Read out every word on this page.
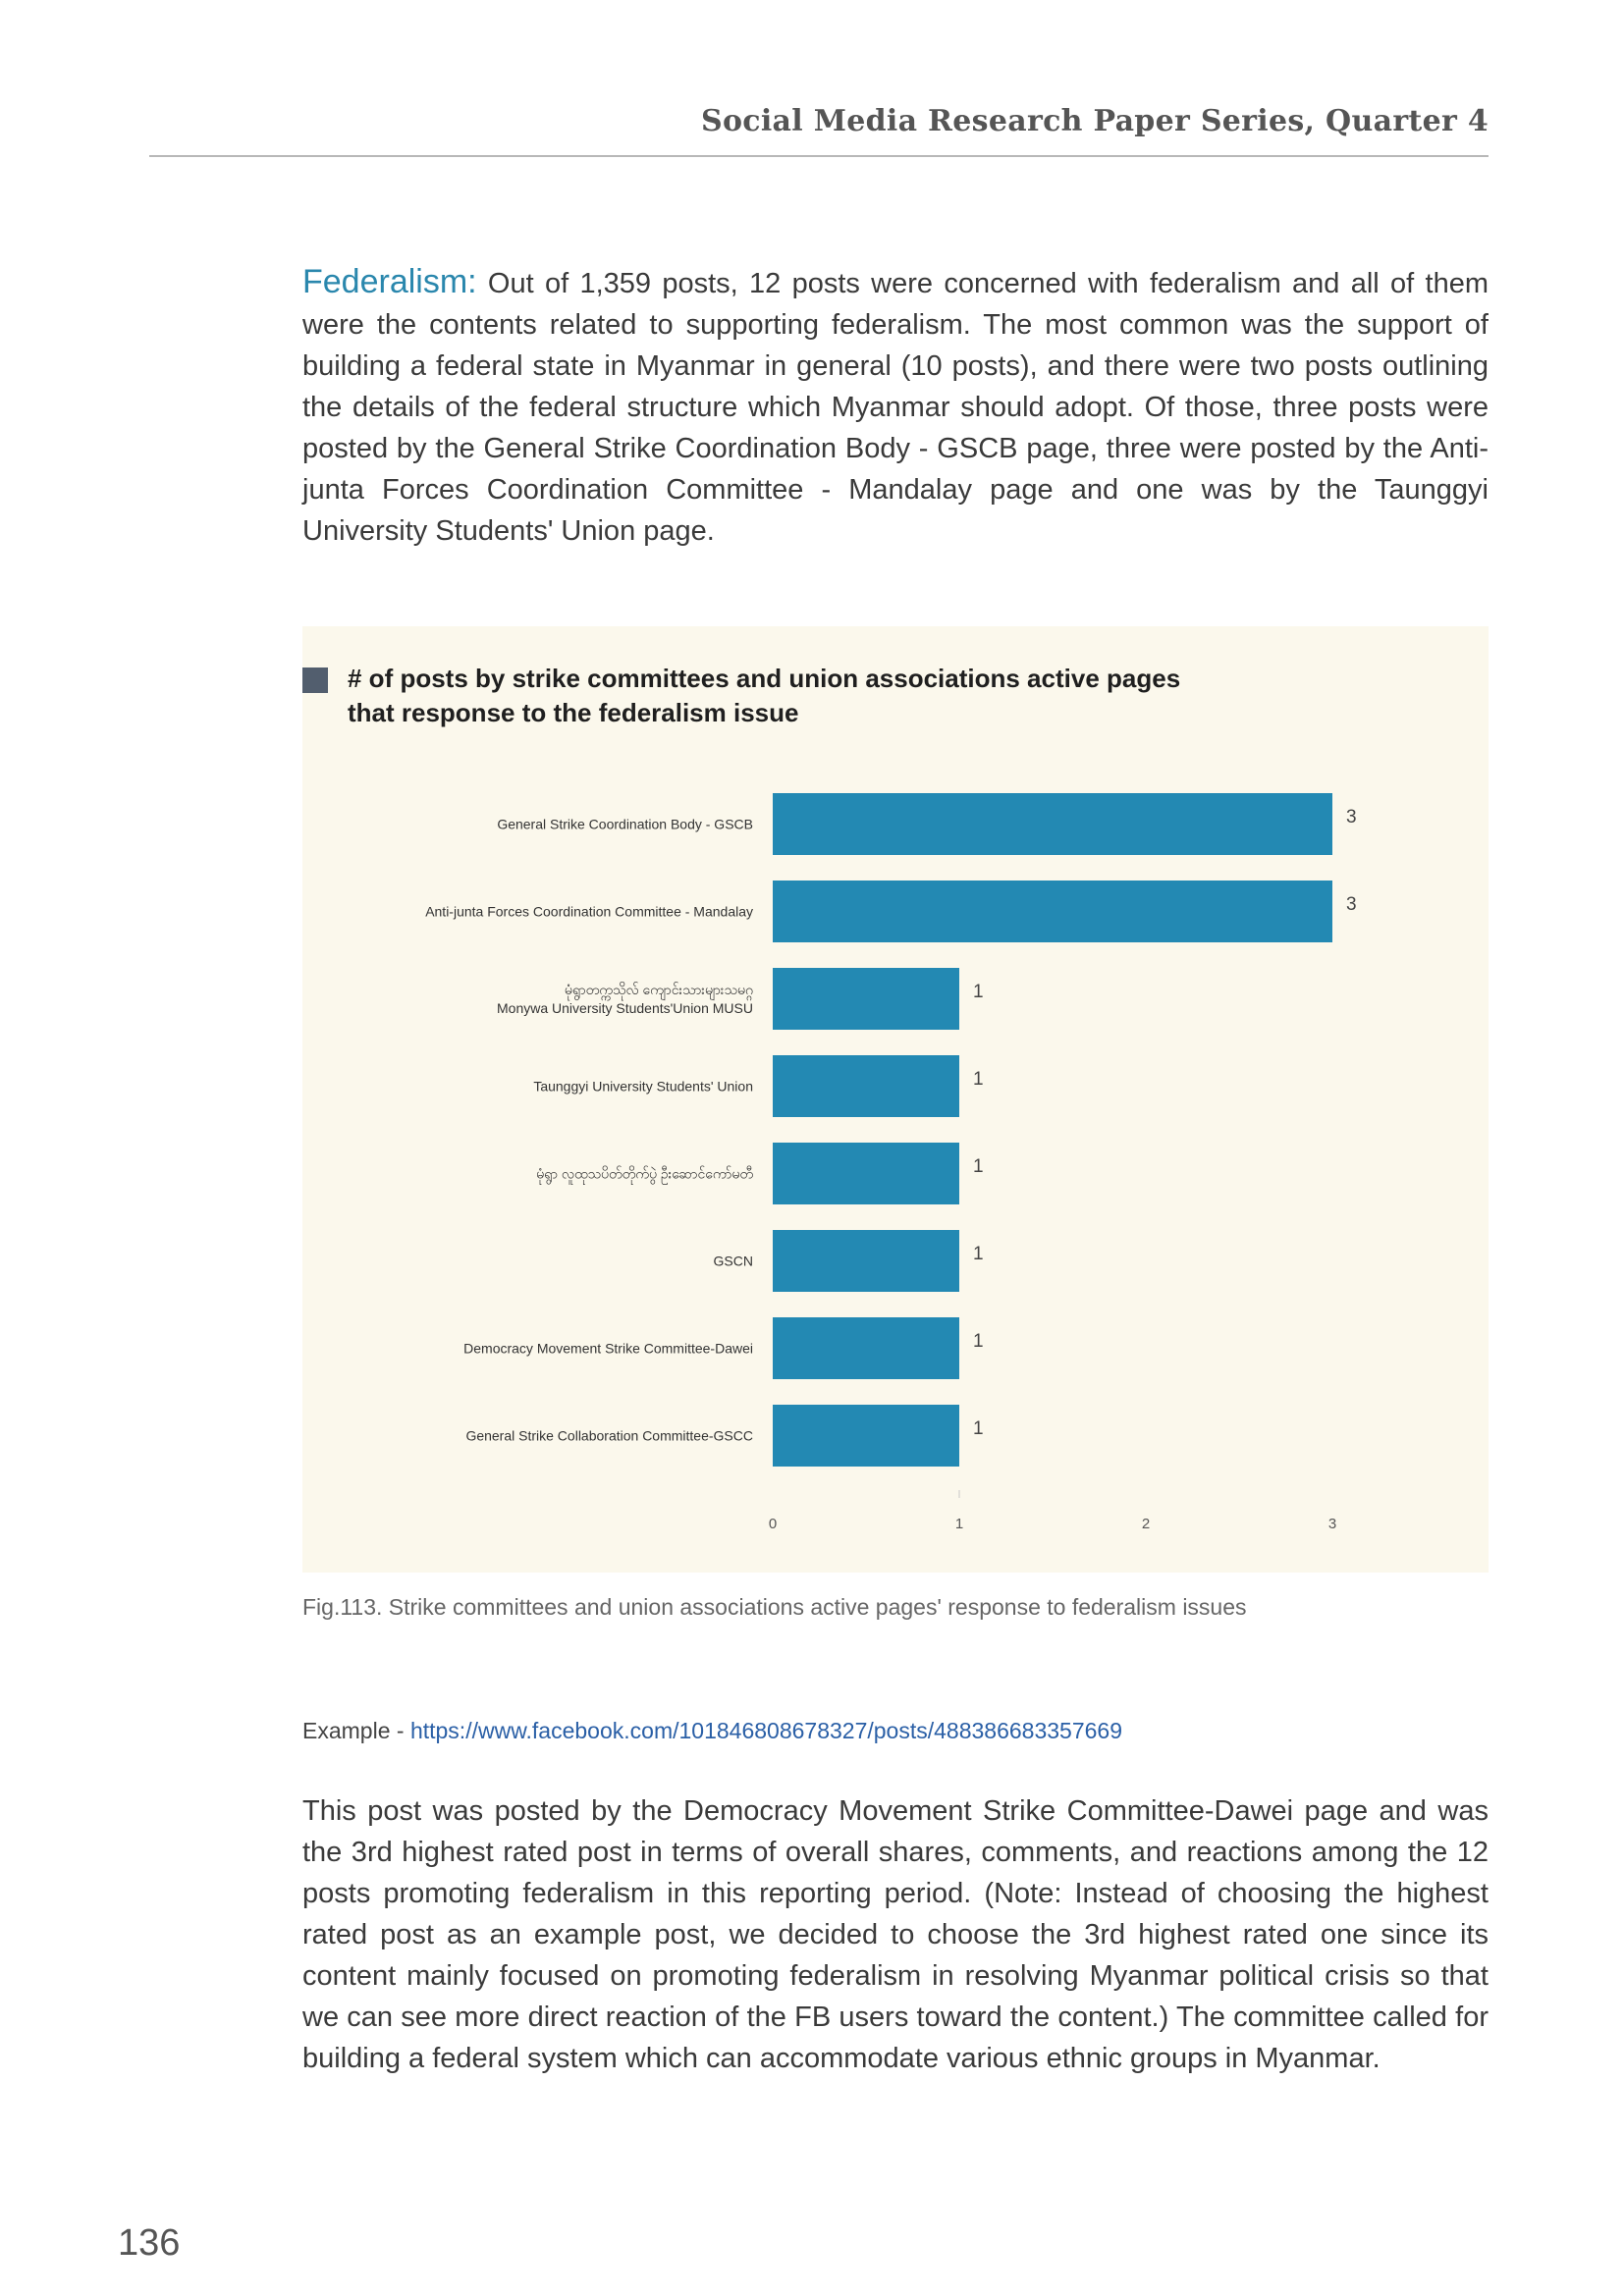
Social Media Research Paper Series, Quarter 4
Federalism: Out of 1,359 posts, 12 posts were concerned with federalism and all of them were the contents related to supporting federalism. The most common was the support of building a federal state in Myanmar in general (10 posts), and there were two posts outlining the details of the federal structure which Myanmar should adopt. Of those, three posts were posted by the General Strike Coordination Body - GSCB page, three were posted by the Anti-junta Forces Coordination Committee - Mandalay page and one was by the Taunggyi University Students' Union page.
# of posts by strike committees and union associations active pages
that response to the federalism issue
3
General Strike Coordination Body - GSCB
3
Anti-junta Forces Coordination Committee - Mandalay
1
မုံရွာတက္ကသိုလ် ကျောင်းသားများသမဂ္ဂ
Monywa University Students'Union MUSU
1
Taunggyi University Students' Union
1
မုံရွာ လူထုသပိတ်တိုက်ပွဲ ဦးဆောင်ကော်မတီ
1
GSCN
1
Democracy Movement Strike Committee-Dawei
1
General Strike Collaboration Committee-GSCC
0	1	2	3
Fig.113. Strike committees and union associations active pages' response to federalism issues
Example - https://www.facebook.com/101846808678327/posts/488386683357669
This post was posted by the Democracy Movement Strike Committee-Dawei page and was the 3rd highest rated post in terms of overall shares, comments, and reactions among the 12 posts promoting federalism in this reporting period. (Note: Instead of choosing the highest rated post as an example post, we decided to choose the 3rd highest rated one since its content mainly focused on promoting federalism in resolving Myanmar political crisis so that we can see more direct reaction of the FB users toward the content.) The committee called for building a federal system which can accommodate various ethnic groups in Myanmar.
136
